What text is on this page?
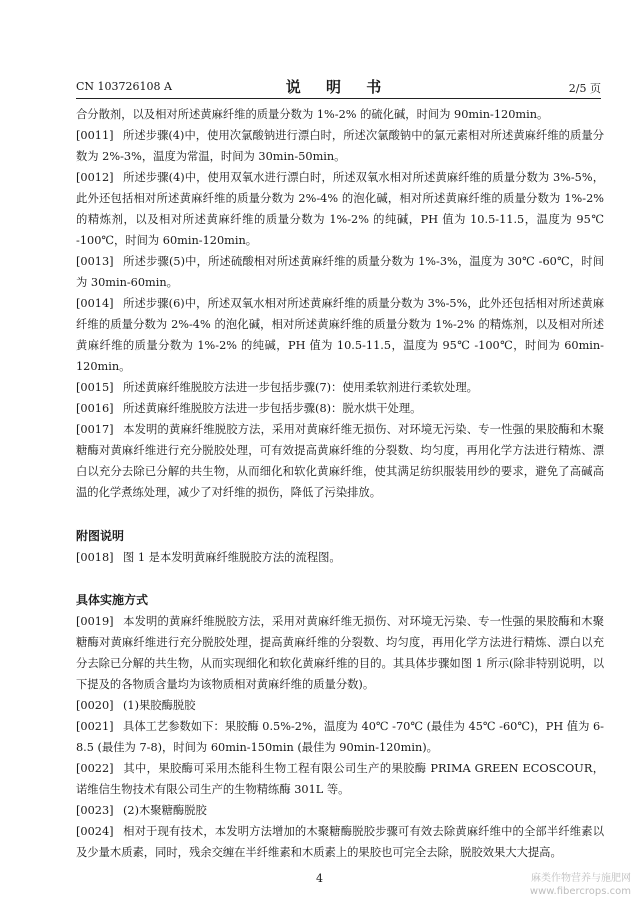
CN 103726108 A	说 明 书	2/5 页

合分散剂，以及相对所述黄麻纤维的质量分数为 1%-2% 的硫化碱，时间为 90min-120min。

[0011] 所述步骤(4)中，使用次氯酸钠进行漂白时，所述次氯酸钠中的氯元素相对所述黄麻纤维的质量分数为 2%-3%，温度为常温，时间为 30min-50min。

[0012] 所述步骤(4)中，使用双氧水进行漂白时，所述双氧水相对所述黄麻纤维的质量分数为 3%-5%，此外还包括相对所述黄麻纤维的质量分数为 2%-4% 的泡化碱，相对所述黄麻纤维的质量分数为 1%-2% 的精炼剂，以及相对所述黄麻纤维的质量分数为 1%-2% 的纯碱，PH 值为 10.5-11.5，温度为 95℃ -100℃，时间为 60min-120min。

[0013] 所述步骤(5)中，所述硫酸相对所述黄麻纤维的质量分数为 1%-3%，温度为 30℃ -60℃，时间为 30min-60min。

[0014] 所述步骤(6)中，所述双氧水相对所述黄麻纤维的质量分数为 3%-5%，此外还包括相对所述黄麻纤维的质量分数为 2%-4% 的泡化碱，相对所述黄麻纤维的质量分数为 1%-2% 的精炼剂，以及相对所述黄麻纤维的质量分数为 1%-2% 的纯碱，PH 值为 10.5-11.5，温度为 95℃ -100℃，时间为 60min-120min。

[0015] 所述黄麻纤维脱胶方法进一步包括步骤(7)：使用柔软剂进行柔软处理。

[0016] 所述黄麻纤维脱胶方法进一步包括步骤(8)：脱水烘干处理。

[0017] 本发明的黄麻纤维脱胶方法，采用对黄麻纤维无损伤、对环境无污染、专一性强的果胶酶和木聚糖酶对黄麻纤维进行充分脱胶处理，可有效提高黄麻纤维的分裂数、均匀度，再用化学方法进行精炼、漂白以充分去除已分解的共生物，从而细化和软化黄麻纤维，使其满足纺织服装用纱的要求，避免了高碱高温的化学煮练处理，减少了对纤维的损伤，降低了污染排放。

附图说明

[0018] 图 1 是本发明黄麻纤维脱胶方法的流程图。

具体实施方式

[0019] 本发明的黄麻纤维脱胶方法，采用对黄麻纤维无损伤、对环境无污染、专一性强的果胶酶和木聚糖酶对黄麻纤维进行充分脱胶处理，提高黄麻纤维的分裂数、均匀度，再用化学方法进行精炼、漂白以充分去除已分解的共生物，从而实现细化和软化黄麻纤维的目的。其具体步骤如图 1 所示(除非特别说明，以下提及的各物质含量均为该物质相对黄麻纤维的质量分数)。

[0020] (1)果胶酶脱胶

[0021] 具体工艺参数如下：果胶酶 0.5%-2%，温度为 40℃ -70℃ (最佳为 45℃ -60℃)，PH 值为 6-8.5 (最佳为 7-8)，时间为 60min-150min (最佳为 90min-120min)。

[0022] 其中，果胶酶可采用杰能科生物工程有限公司生产的果胶酶 PRIMA GREEN ECOSCOUR，诺维信生物技术有限公司生产的生物精练酶 301L 等。

[0023] (2)木聚糖酶脱胶

[0024] 相对于现有技术，本发明方法增加的木聚糖酶脱胶步骤可有效去除黄麻纤维中的全部半纤维素以及少量木质素，同时，残余交缠在半纤维素和木质素上的果胶也可完全去除，脱胶效果大大提高。

4	麻类作物营养与施肥网
www.fibercrops.com
